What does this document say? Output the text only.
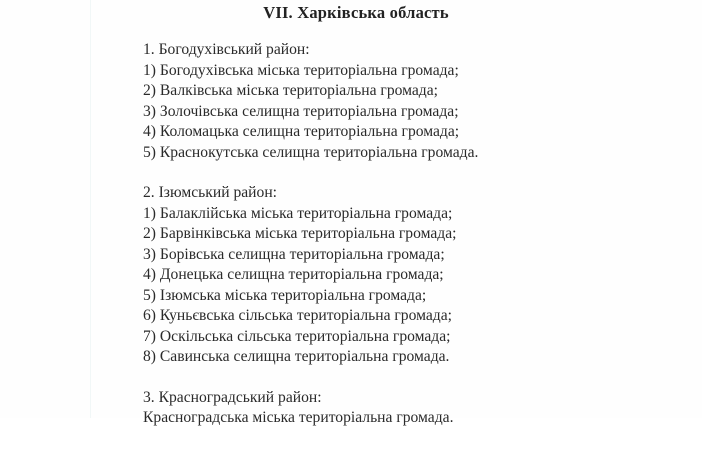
VII. Харківська область

1. Богодухівський район:

1) Богодухівська міська територіальна громада;

2) Валківська міська територіальна громада;

3) Золочівська селищна територіальна громада;

4) Коломацька селищна територіальна громада;

5) Краснокутська селищна територіальна громада.

2. Ізюмський район:

1) Балаклійська міська територіальна громада;

2) Барвінківська міська територіальна громада;

3) Борівська селищна територіальна громада;

4) Донецька селищна територіальна громада;

5) Ізюмська міська територіальна громада;

6) Куньєвська сільська територіальна громада;

7) Оскільська сільська територіальна громада;

8) Савинська селищна територіальна громада.

3. Красноградський район:

Красноградська міська територіальна громада.
